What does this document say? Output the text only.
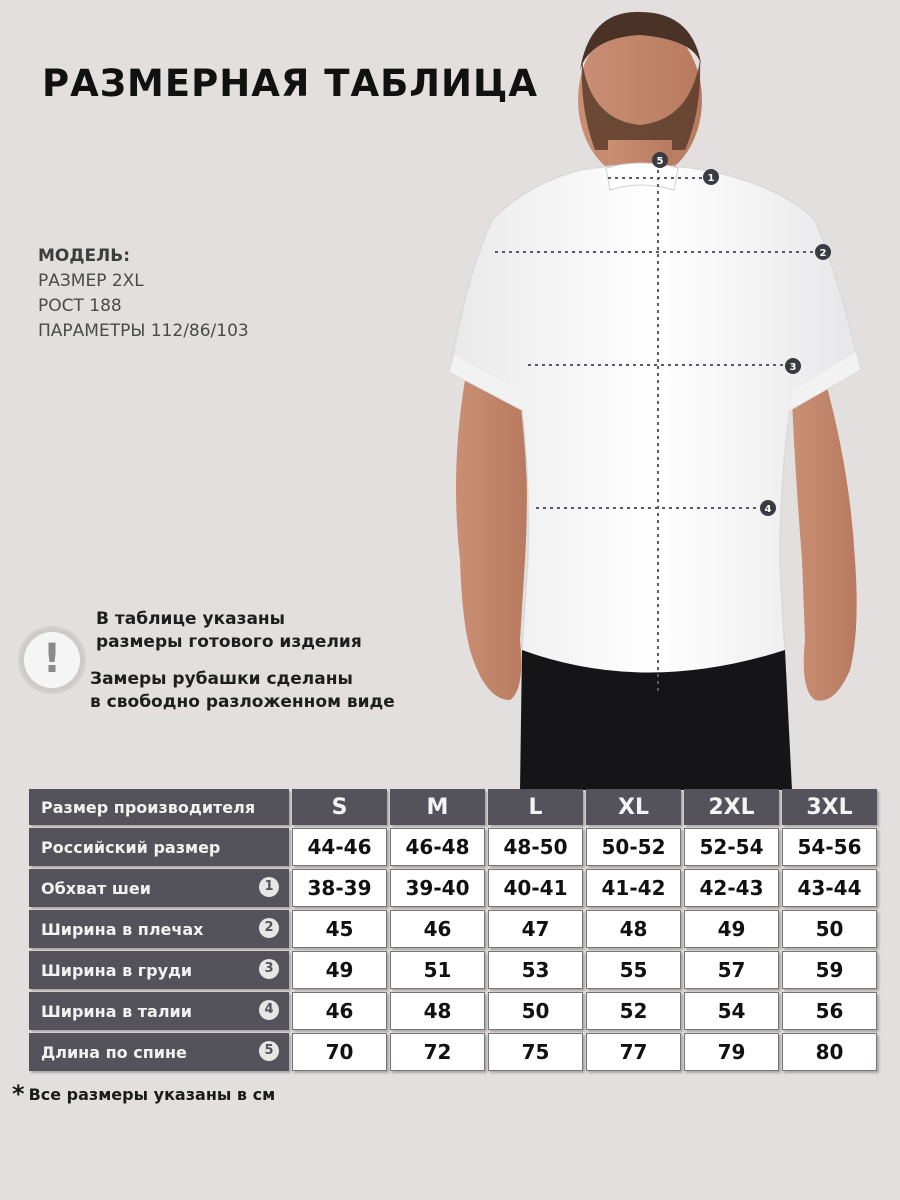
РАЗМЕРНАЯ ТАБЛИЦА
МОДЕЛЬ:
РАЗМЕР 2XL
РОСТ 188
ПАРАМЕТРЫ 112/86/103
1
2
3
4
5
!
В таблице указаны
размеры готового изделия
Замеры рубашки сделаны
в свободно разложенном виде
Размер производителя	S	M	L	XL	2XL	3XL
Российский размер	44-46	46-48	48-50	50-52	52-54	54-56
Обхват шеи 1	38-39	39-40	40-41	41-42	42-43	43-44
Ширина в плечах 2	45	46	47	48	49	50
Ширина в груди 3	49	51	53	55	57	59
Ширина в талии 4	46	48	50	52	54	56
Длина по спине 5	70	72	75	77	79	80
* Все размеры указаны в см
